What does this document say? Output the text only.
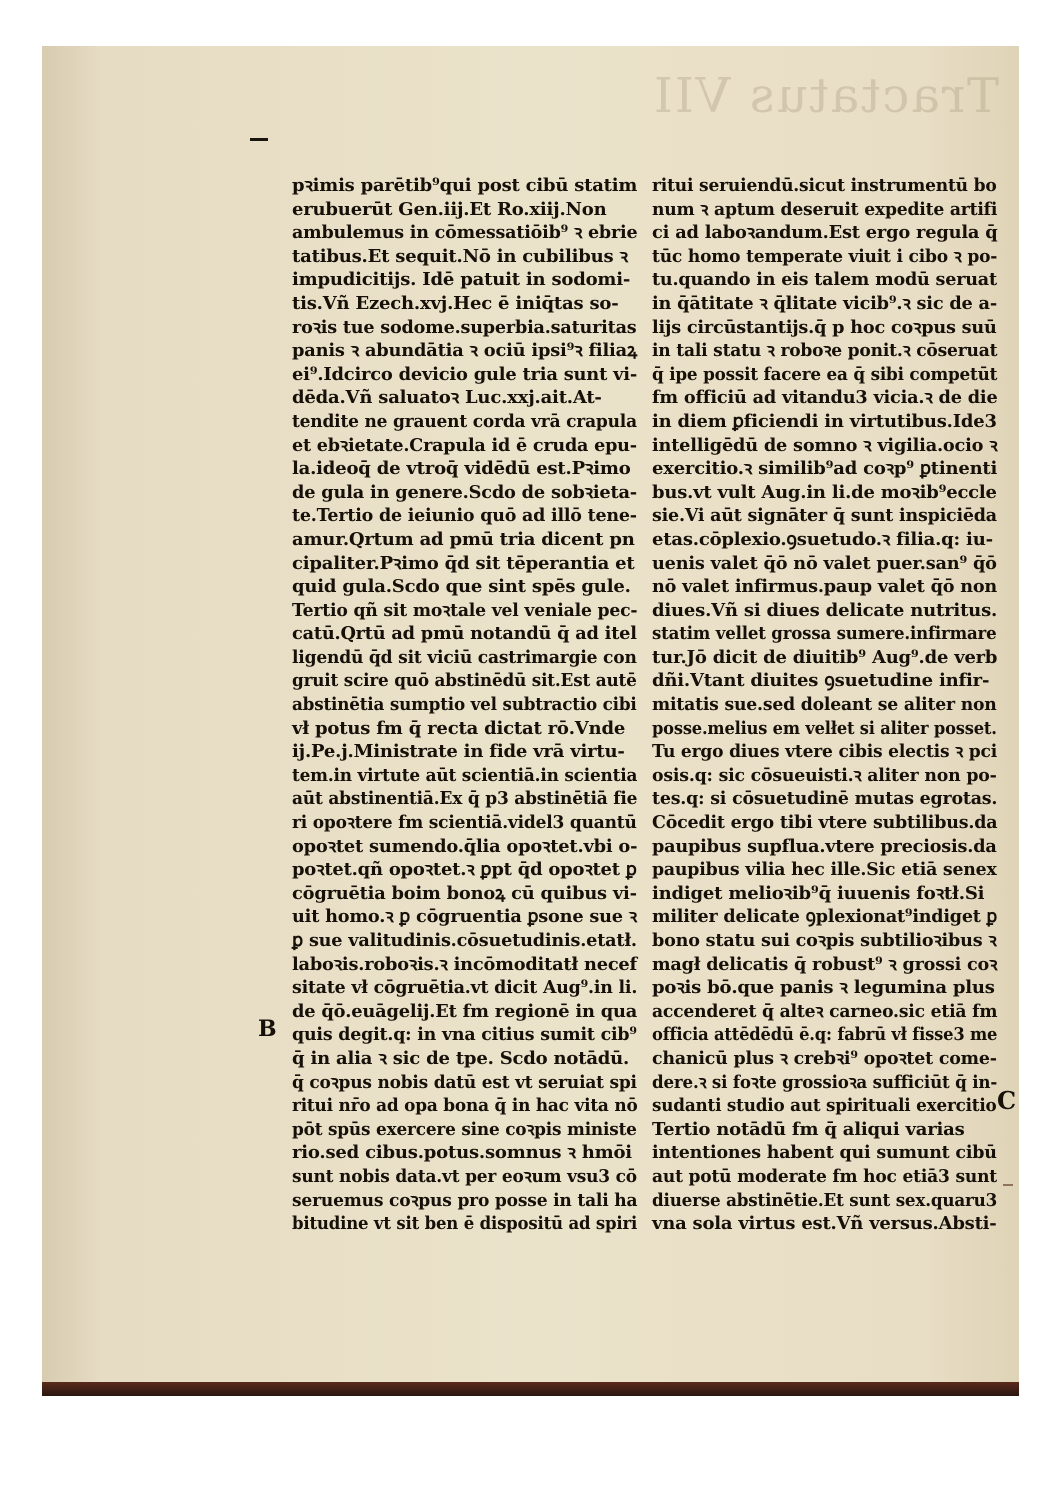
Tractatus VII
pꝛimis parētib⁹qui post cibū statim
erubuerūt Gen.iij.Et Ro.xiij.Non
ambulemus in cōmessatiōib⁹ ꝛ ebrie
tatibus.Et sequit.Nō in cubilibus ꝛ
impudicitijs. Idē patuit in sodomi-
tis.Vñ Ezech.xvj.Hec ē iniq̄tas so-
roꝛis tue sodome.superbia.saturitas
panis ꝛ abundātia ꝛ ociū ipsi⁹ꝛ filiaꝝ
ei⁹.Idcirco devicio gule tria sunt vi-
dēda.Vñ saluatoꝛ Luc.xxj.ait.At-
tendite ne grauent corda vrā crapula
et ebꝛietate.Crapula id ē cruda epu-
la.ideoq̄ de vtroq̄ vidēdū est.Pꝛimo
de gula in genere.Scdo de sobꝛieta-
te.Tertio de ieiunio quō ad illō tene-
amur.Qrtum ad pmū tria dicent pn
cipaliter.Pꝛimo q̄d sit tēperantia et
quid gula.Scdo que sint spēs gule.
Tertio qñ sit moꝛtale vel veniale pec-
catū.Qrtū ad pmū notandū q̄ ad itel
ligendū q̄d sit viciū castrimargie con
gruit scire quō abstinēdū sit.Est autē
abstinētia sumptio vel subtractio cibi
vł potus fm q̄ recta dictat rō.Vnde
ij.Pe.j.Ministrate in fide vrā virtu-
tem.in virtute aūt scientiā.in scientia
aūt abstinentiā.Ex q̄ p3 abstinētiā fie
ri opoꝛtere fm scientiā.videl3 quantū
opoꝛtet sumendo.q̄lia opoꝛtet.vbi o-
poꝛtet.qñ opoꝛtet.ꝛ ꝑpt q̄d opoꝛtet ꝑ
cōgruētia boim bonoꝝ cū quibus vi-
uit homo.ꝛ ꝑ cōgruentia ꝑsone sue ꝛ
ꝑ sue valitudinis.cōsuetudinis.etatł.
laboꝛis.roboꝛis.ꝛ incōmoditatł necef
sitate vł cōgruētia.vt dicit Aug⁹.in li.
de q̄ō.euāgelij.Et fm regionē in qua
quis degit.q: in vna citius sumit cib⁹
q̄ in alia ꝛ sic de tpe. Scdo notādū.
q̄ coꝛpus nobis datū est vt seruiat spi
ritui nr̄o ad opa bona q̄ in hac vita nō
pōt spūs exercere sine coꝛpis ministe
rio.sed cibus.potus.somnus ꝛ hmōi
sunt nobis data.vt per eoꝛum vsu3 cō
seruemus coꝛpus pro posse in tali ha
bitudine vt sit ben ē dispositū ad spiri
ritui seruiendū.sicut instrumentū bo
num ꝛ aptum deseruit expedite artifi
ci ad laboꝛandum.Est ergo regula q̄
tūc homo temperate viuit i cibo ꝛ po-
tu.quando in eis talem modū seruat
in q̄ātitate ꝛ q̄litate vicib⁹.ꝛ sic de a-
lijs circūstantijs.q̄ p hoc coꝛpus suū
in tali statu ꝛ roboꝛe ponit.ꝛ cōseruat
q̄ ipe possit facere ea q̄ sibi competūt
fm officiū ad vitandu3 vicia.ꝛ de die
in diem ꝑficiendi in virtutibus.Ide3
intelligēdū de somno ꝛ vigilia.ocio ꝛ
exercitio.ꝛ similib⁹ad coꝛp⁹ ꝑtinenti
bus.vt vult Aug.in li.de moꝛib⁹eccle
sie.Vi aūt signāter q̄ sunt inspiciēda
etas.cōplexio.ꝯsuetudo.ꝛ filia.q: iu-
uenis valet q̄ō nō valet puer.san⁹ q̄ō
nō valet infirmus.paup valet q̄ō non
diues.Vñ si diues delicate nutritus.
statim vellet grossa sumere.infirmare
tur.Jō dicit de diuitib⁹ Aug⁹.de verb
dñi.Vtant diuites ꝯsuetudine infir-
mitatis sue.sed doleant se aliter non
posse.melius em velłet si aliter posset.
Tu ergo diues vtere cibis electis ꝛ pci
osis.q: sic cōsueuisti.ꝛ aliter non po-
tes.q: si cōsuetudinē mutas egrotas.
Cōcedit ergo tibi vtere subtilibus.da
paupibus supflua.vtere preciosis.da
paupibus vilia hec ille.Sic etiā senex
indiget melioꝛib⁹q̄ iuuenis foꝛtł.Si
militer delicate ꝯplexionat⁹indiget ꝑ
bono statu sui coꝛpis subtilioꝛibus ꝛ
magł delicatis q̄ robust⁹ ꝛ grossi coꝛ
poꝛis bō.que panis ꝛ legumina plus
accenderet q̄ alteꝛ carneo.sic etiā fm
officia attēdēdū ē.q: fabrū vł fisse3 me
chanicū plus ꝛ crebꝛi⁹ opoꝛtet come-
dere.ꝛ si foꝛte grossioꝛa sufficiūt q̄ in-
sudanti studio aut spirituali exercitio
Tertio notādū fm q̄ aliqui varias
intentiones habent qui sumunt cibū
aut potū moderate fm hoc etiā3 sunt
diuerse abstinētie.Et sunt sex.quaru3
vna sola virtus est.Vñ versus.Absti-
B
C
